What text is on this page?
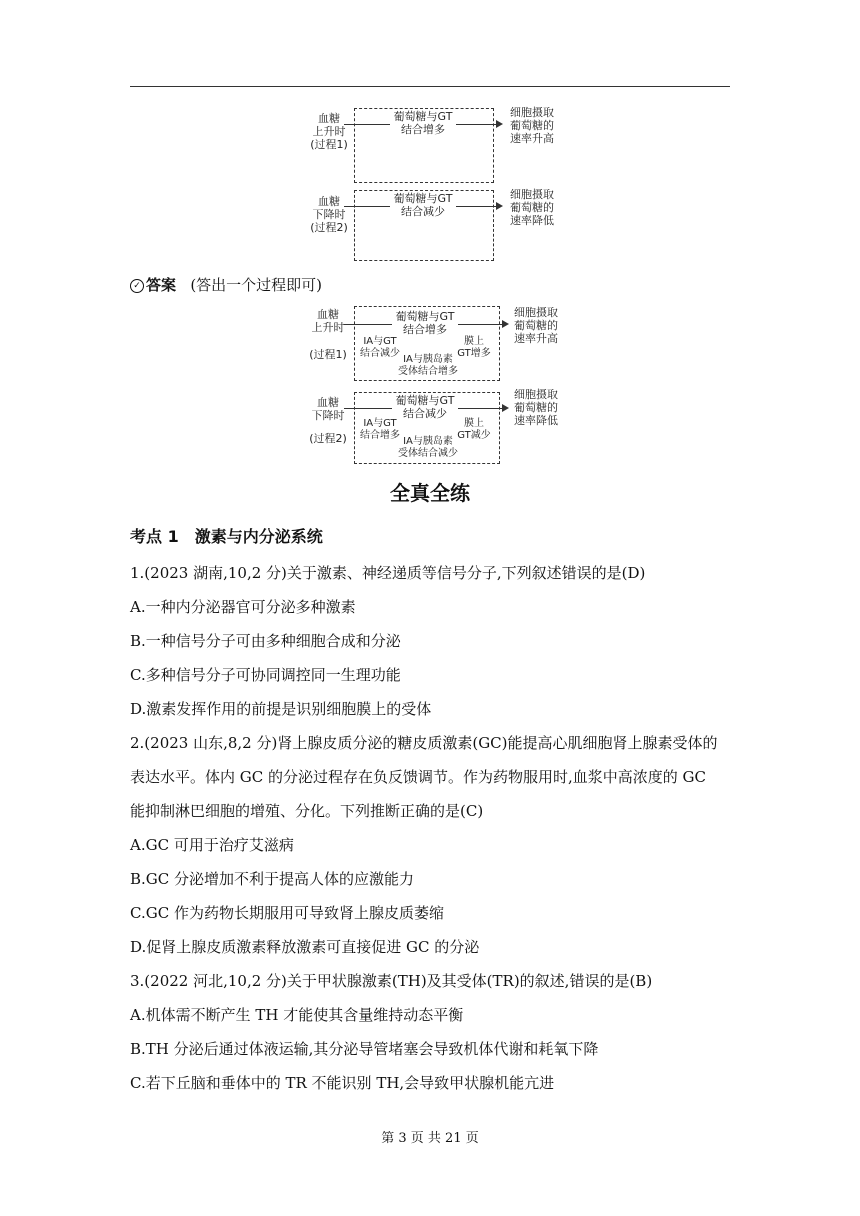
血糖
上升时
(过程1)
葡萄糖与GT
结合增多
细胞摄取
葡萄糖的
速率升高
血糖
下降时
(过程2)
葡萄糖与GT
结合减少
细胞摄取
葡萄糖的
速率降低
✓ 答案 (答出一个过程即可)
血糖
上升时
(过程1)
葡萄糖与GT
结合增多
IA与GT
结合减少
膜上
GT增多
IA与胰岛素
受体结合增多
细胞摄取
葡萄糖的
速率升高
血糖
下降时
(过程2)
葡萄糖与GT
结合减少
IA与GT
结合增多
膜上
GT减少
IA与胰岛素
受体结合减少
细胞摄取
葡萄糖的
速率降低
全真全练
考点 1　激素与内分泌系统
1.(2023 湖南,10,2 分)关于激素、神经递质等信号分子,下列叙述错误的是(D)
A.一种内分泌器官可分泌多种激素
B.一种信号分子可由多种细胞合成和分泌
C.多种信号分子可协同调控同一生理功能
D.激素发挥作用的前提是识别细胞膜上的受体
2.(2023 山东,8,2 分)肾上腺皮质分泌的糖皮质激素(GC)能提高心肌细胞肾上腺素受体的
表达水平。体内 GC 的分泌过程存在负反馈调节。作为药物服用时,血浆中高浓度的 GC
能抑制淋巴细胞的增殖、分化。下列推断正确的是(C)
A.GC 可用于治疗艾滋病
B.GC 分泌增加不利于提高人体的应激能力
C.GC 作为药物长期服用可导致肾上腺皮质萎缩
D.促肾上腺皮质激素释放激素可直接促进 GC 的分泌
3.(2022 河北,10,2 分)关于甲状腺激素(TH)及其受体(TR)的叙述,错误的是(B)
A.机体需不断产生 TH 才能使其含量维持动态平衡
B.TH 分泌后通过体液运输,其分泌导管堵塞会导致机体代谢和耗氧下降
C.若下丘脑和垂体中的 TR 不能识别 TH,会导致甲状腺机能亢进
第 3 页 共 21 页
